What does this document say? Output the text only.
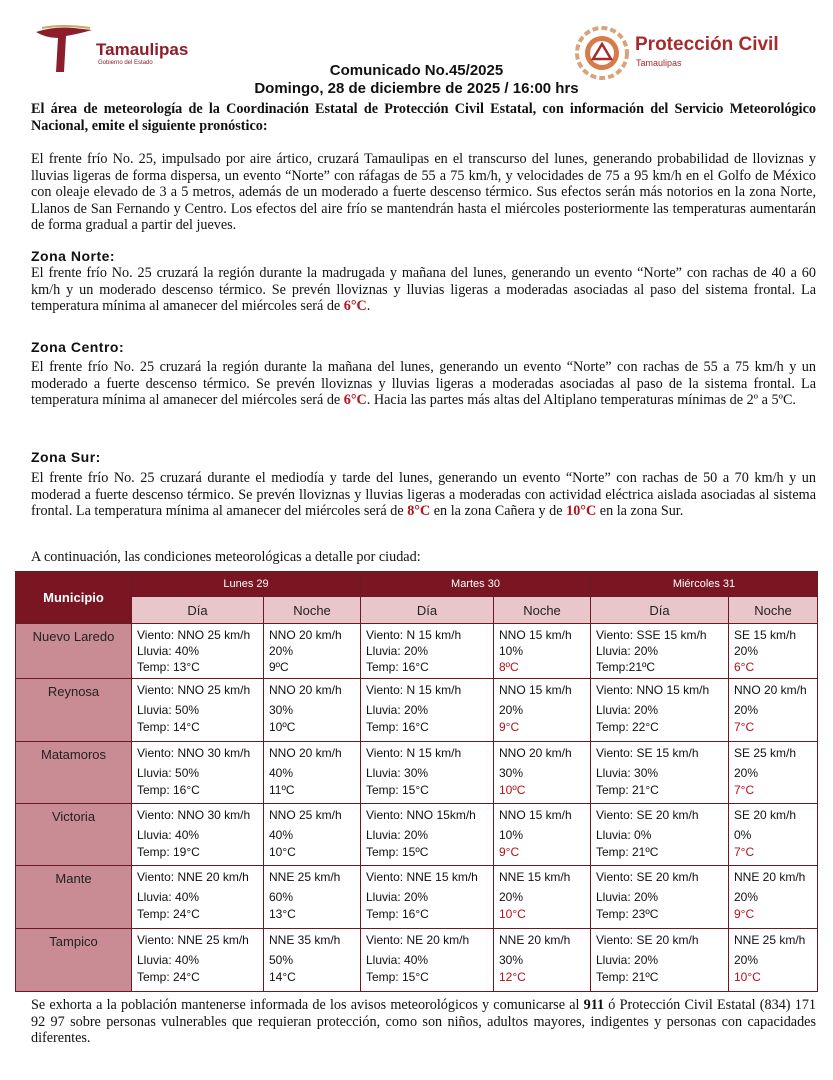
Tamaulipas
Gobierno del Estado
Protección Civil
Tamaulipas
Comunicado No.45/2025
Domingo, 28 de diciembre de 2025 / 16:00 hrs
El área de meteorología de la Coordinación Estatal de Protección Civil Estatal, con información del Servicio Meteorológico Nacional, emite el siguiente pronóstico:
El frente frío No. 25, impulsado por aire ártico, cruzará Tamaulipas en el transcurso del lunes, generando probabilidad de lloviznas y lluvias ligeras de forma dispersa, un evento “Norte” con ráfagas de 55 a 75 km/h, y velocidades de 75 a 95 km/h en el Golfo de México con oleaje elevado de 3 a 5 metros, además de un moderado a fuerte descenso térmico. Sus efectos serán más notorios en la zona Norte, Llanos de San Fernando y Centro. Los efectos del aire frío se mantendrán hasta el miércoles posteriormente las temperaturas aumentarán de forma gradual a partir del jueves.
Zona Norte:
El frente frío No. 25 cruzará la región durante la madrugada y mañana del lunes, generando un evento “Norte” con rachas de 40 a 60 km/h y un moderado descenso térmico. Se prevén lloviznas y lluvias ligeras a moderadas asociadas al paso del sistema frontal. La temperatura mínima al amanecer del miércoles será de 6°C.
Zona Centro:
El frente frío No. 25 cruzará la región durante la mañana del lunes, generando un evento “Norte” con rachas de 55 a 75 km/h y un moderado a fuerte descenso térmico. Se prevén lloviznas y lluvias ligeras a moderadas asociadas al paso de la sistema frontal. La temperatura mínima al amanecer del miércoles será de 6°C. Hacia las partes más altas del Altiplano temperaturas mínimas de 2º a 5ºC.
Zona Sur:
El frente frío No. 25 cruzará durante el mediodía y tarde del lunes, generando un evento “Norte” con rachas de 50 a 70 km/h y un moderad a fuerte descenso térmico. Se prevén lloviznas y lluvias ligeras a moderadas con actividad eléctrica aislada asociadas al sistema frontal. La temperatura mínima al amanecer del miércoles será de 8°C en la zona Cañera y de 10°C en la zona Sur.
A continuación, las condiciones meteorológicas a detalle por ciudad:
Municipio	Lunes 29		Martes 30		Miércoles 31	
	Día	Noche	Día	Noche	Día	Noche
Nuevo Laredo	Viento: NNO 25 km/h
Lluvia: 40%
Temp: 13°C	NNO 20 km/h
20%
9ºC	Viento: N 15 km/h
Lluvia: 20%
Temp: 16°C	NNO 15 km/h
10%
8ºC	Viento: SSE 15 km/h
Lluvia: 20%
Temp:21ºC	SE 15 km/h
20%
6°C

Reynosa	Viento: NNO 25 km/h
Lluvia: 50%
Temp: 14°C	NNO 20 km/h
30%
10ºC	Viento: N 15 km/h
Lluvia: 20%
Temp: 16°C	NNO 15 km/h
20%
9°C	Viento: NNO 15 km/h
Lluvia: 20%
Temp: 22°C	NNO 20 km/h
20%
7°C

Matamoros	Viento: NNO 30 km/h
Lluvia: 50%
Temp: 16°C	NNO 20 km/h
40%
11ºC	Viento: N 15 km/h
Lluvia: 30%
Temp: 15°C	NNO 20 km/h
30%
10ºC	Viento: SE 15 km/h
Lluvia: 30%
Temp: 21°C	SE 25 km/h
20%
7°C

Victoria	Viento: NNO 30 km/h
Lluvia: 40%
Temp: 19°C	NNO 25 km/h
40%
10°C	Viento: NNO 15km/h
Lluvia: 20%
Temp: 15ºC	NNO 15 km/h
10%
9°C	Viento: SE 20 km/h
Lluvia: 0%
Temp: 21ºC	SE 20 km/h
0%
7°C

Mante	Viento: NNE 20 km/h
Lluvia: 40%
Temp: 24°C	NNE 25 km/h
60%
13°C	Viento: NNE 15 km/h
Lluvia: 20%
Temp: 16°C	NNE 15 km/h
20%
10°C	Viento: SE 20 km/h
Lluvia: 20%
Temp: 23ºC	NNE 20 km/h
20%
9°C

Tampico	Viento: NNE 25 km/h
Lluvia: 40%
Temp: 24°C	NNE 35 km/h
50%
14°C	Viento: NE 20 km/h
Lluvia: 40%
Temp: 15°C	NNE 20 km/h
30%
12°C	Viento: SE 20 km/h
Lluvia: 20%
Temp: 21ºC	NNE 25 km/h
20%
10°C
Se exhorta a la población mantenerse informada de los avisos meteorológicos y comunicarse al 911 ó Protección Civil Estatal (834) 171 92 97 sobre personas vulnerables que requieran protección, como son niños, adultos mayores, indigentes y personas con capacidades diferentes.
